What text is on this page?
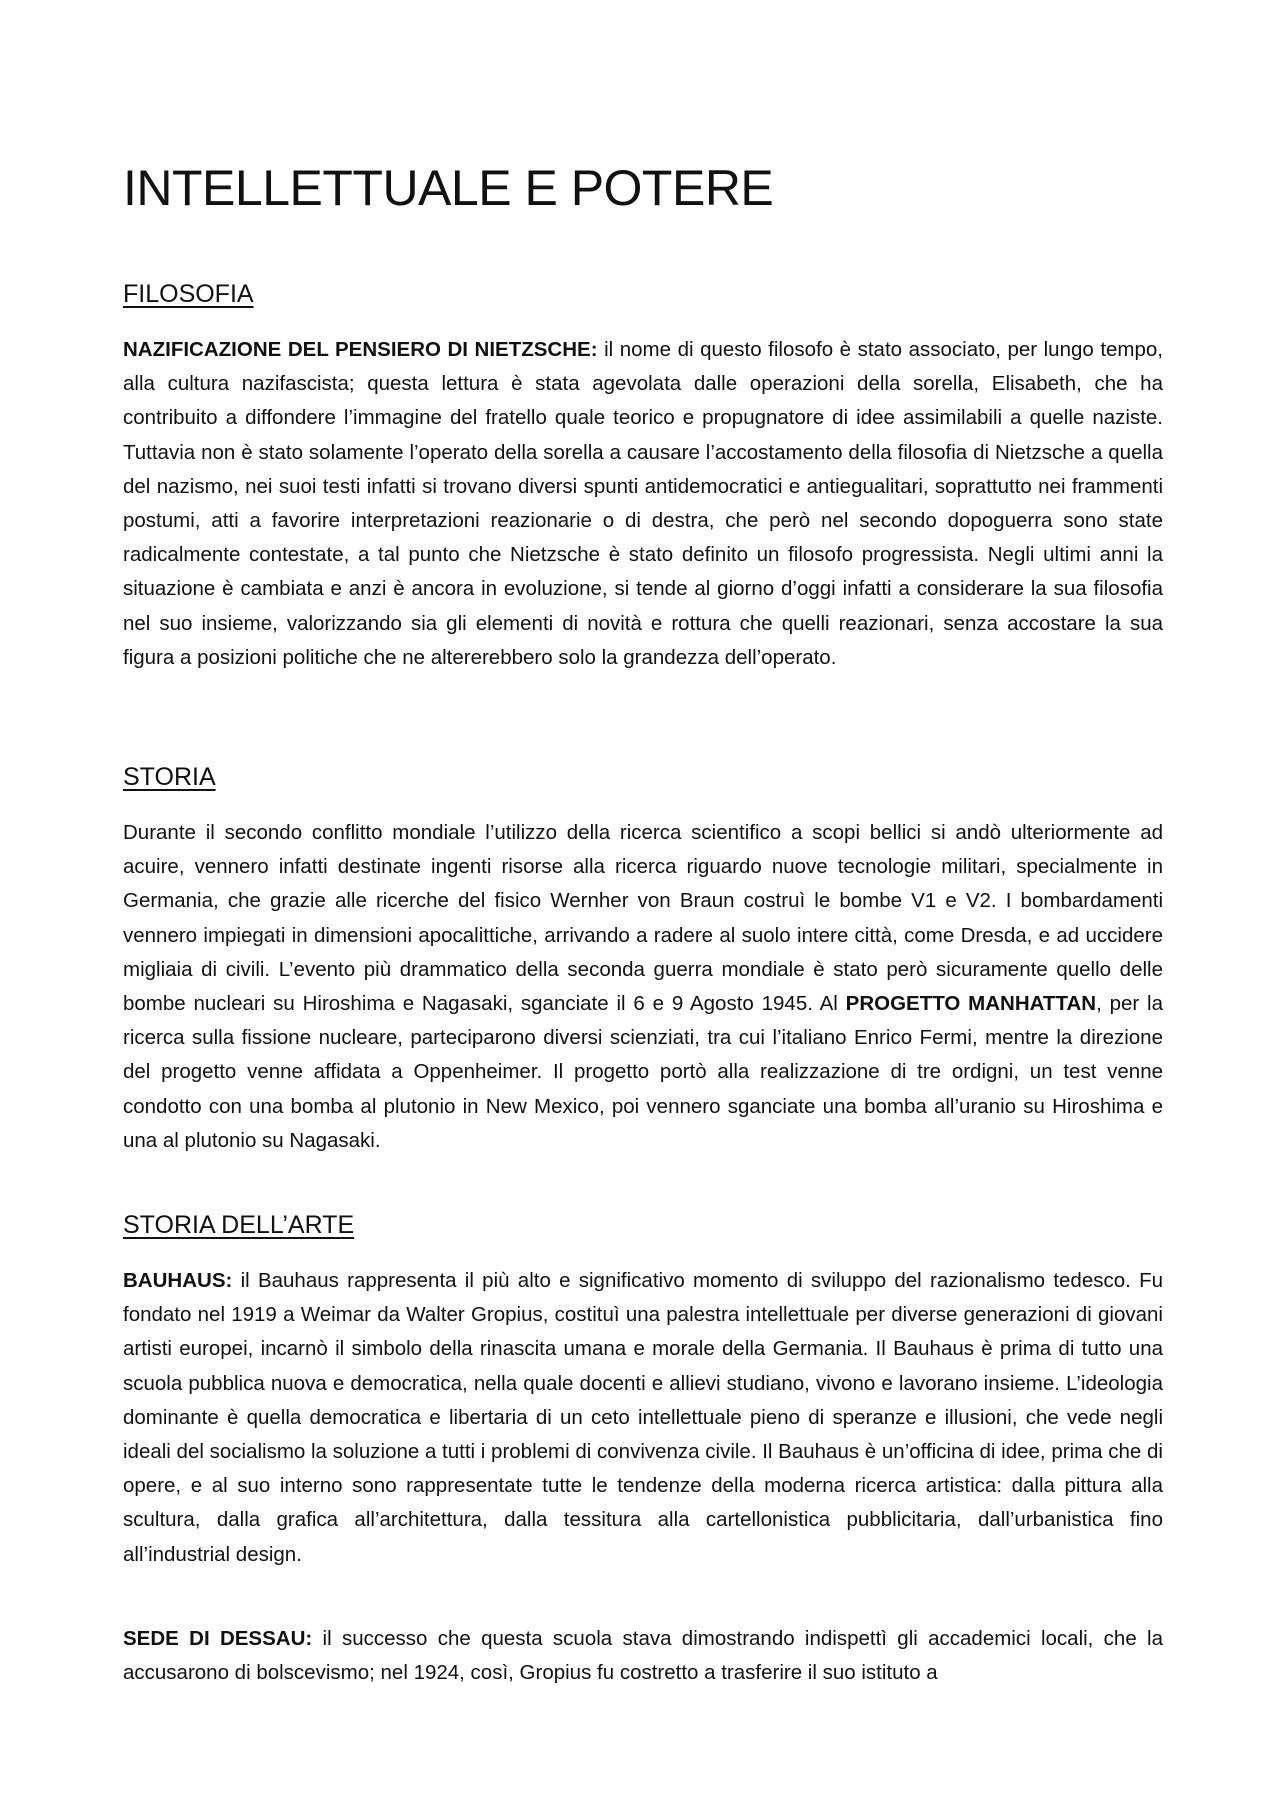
INTELLETTUALE E POTERE
FILOSOFIA

NAZIFICAZIONE DEL PENSIERO DI NIETZSCHE: il nome di questo filosofo è stato associato, per lungo tempo, alla cultura nazifascista; questa lettura è stata agevolata dalle operazioni della sorella, Elisabeth, che ha contribuito a diffondere l’immagine del fratello quale teorico e propugnatore di idee assimilabili a quelle naziste. Tuttavia non è stato solamente l’operato della sorella a causare l’accostamento della filosofia di Nietzsche a quella del nazismo, nei suoi testi infatti si trovano diversi spunti antidemocratici e antiegualitari, soprattutto nei frammenti postumi, atti a favorire interpretazioni reazionarie o di destra, che però nel secondo dopoguerra sono state radicalmente contestate, a tal punto che Nietzsche è stato definito un filosofo progressista. Negli ultimi anni la situazione è cambiata e anzi è ancora in evoluzione, si tende al giorno d’oggi infatti a considerare la sua filosofia nel suo insieme, valorizzando sia gli elementi di novità e rottura che quelli reazionari, senza accostare la sua figura a posizioni politiche che ne altererebbero solo la grandezza dell’operato.

STORIA

Durante il secondo conflitto mondiale l’utilizzo della ricerca scientifico a scopi bellici si andò ulteriormente ad acuire, vennero infatti destinate ingenti risorse alla ricerca riguardo nuove tecnologie militari, specialmente in Germania, che grazie alle ricerche del fisico Wernher von Braun costruì le bombe V1 e V2. I bombardamenti vennero impiegati in dimensioni apocalittiche, arrivando a radere al suolo intere città, come Dresda, e ad uccidere migliaia di civili. L’evento più drammatico della seconda guerra mondiale è stato però sicuramente quello delle bombe nucleari su Hiroshima e Nagasaki, sganciate il 6 e 9 Agosto 1945. Al PROGETTO MANHATTAN, per la ricerca sulla fissione nucleare, parteciparono diversi scienziati, tra cui l’italiano Enrico Fermi, mentre la direzione del progetto venne affidata a Oppenheimer. Il progetto portò alla realizzazione di tre ordigni, un test venne condotto con una bomba al plutonio in New Mexico, poi vennero sganciate una bomba all’uranio su Hiroshima e una al plutonio su Nagasaki.

STORIA DELL’ARTE

BAUHAUS: il Bauhaus rappresenta il più alto e significativo momento di sviluppo del razionalismo tedesco. Fu fondato nel 1919 a Weimar da Walter Gropius, costituì una palestra intellettuale per diverse generazioni di giovani artisti europei, incarnò il simbolo della rinascita umana e morale della Germania. Il Bauhaus è prima di tutto una scuola pubblica nuova e democratica, nella quale docenti e allievi studiano, vivono e lavorano insieme. L’ideologia dominante è quella democratica e libertaria di un ceto intellettuale pieno di speranze e illusioni, che vede negli ideali del socialismo la soluzione a tutti i problemi di convivenza civile. Il Bauhaus è un’officina di idee, prima che di opere, e al suo interno sono rappresentate tutte le tendenze della moderna ricerca artistica: dalla pittura alla scultura, dalla grafica all’architettura, dalla tessitura alla cartellonistica pubblicitaria, dall’urbanistica fino all’industrial design.

SEDE DI DESSAU: il successo che questa scuola stava dimostrando indispettì gli accademici locali, che la accusarono di bolscevismo; nel 1924, così, Gropius fu costretto a trasferire il suo istituto a
